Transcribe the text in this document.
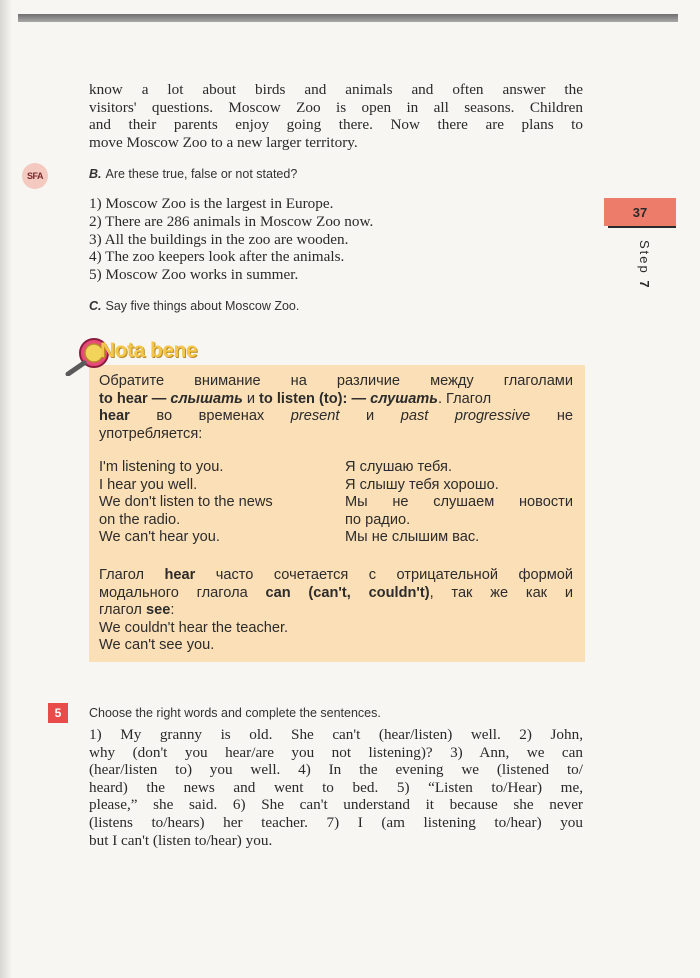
know a lot about birds and animals and often answer the
visitors' questions. Moscow Zoo is open in all seasons. Children
and their parents enjoy going there. Now there are plans to
move Moscow Zoo to a new larger territory.
SFA	B. Are these true, false or not stated?
1) Moscow Zoo is the largest in Europe.
2) There are 286 animals in Moscow Zoo now.
3) All the buildings in the zoo are wooden.
4) The zoo keepers look after the animals.
5) Moscow Zoo works in summer.
37
Step 7
C. Say five things about Moscow Zoo.
Nota bene
Обратите внимание на различие между глаголами
to hear — слышать и to listen (to): — слушать. Глагол
hear во временах present и past progressive не
употребляется:
I'm listening to you.
I hear you well.
We don't listen to the news
on the radio.
We can't hear you.
Я слушаю тебя.
Я слышу тебя хорошо.
Мы не слушаем новости
по радио.
Мы не слышим вас.
Глагол hear часто сочетается с отрицательной формой
модального глагола can (can't, couldn't), так же как и
глагол see:
We couldn't hear the teacher.
We can't see you.
5	Choose the right words and complete the sentences.
1) My granny is old. She can't (hear/listen) well. 2) John,
why (don't you hear/are you not listening)? 3) Ann, we can
(hear/listen to) you well. 4) In the evening we (listened to/
heard) the news and went to bed. 5) “Listen to/Hear) me,
please,” she said. 6) She can't understand it because she never
(listens to/hears) her teacher. 7) I (am listening to/hear) you
but I can't (listen to/hear) you.
